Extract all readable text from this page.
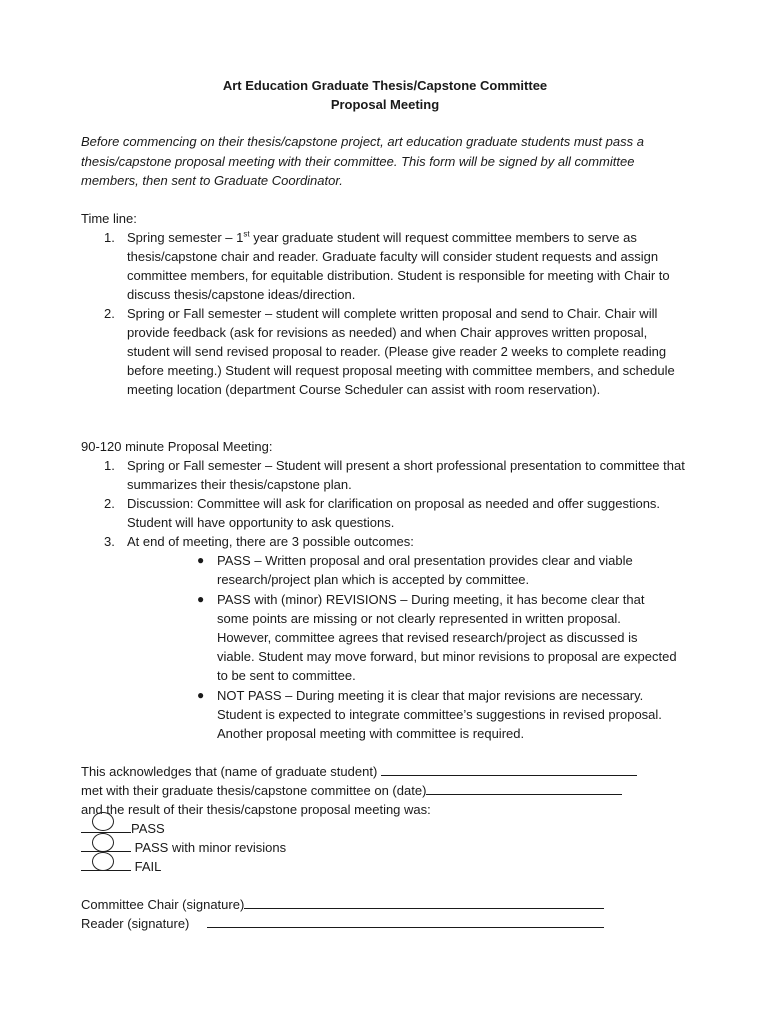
Art Education Graduate Thesis/Capstone Committee
Proposal Meeting
Before commencing on their thesis/capstone project, art education graduate students must pass a thesis/capstone proposal meeting with their committee. This form will be signed by all committee members, then sent to Graduate Coordinator.
Time line:
1. Spring semester – 1st year graduate student will request committee members to serve as thesis/capstone chair and reader. Graduate faculty will consider student requests and assign committee members, for equitable distribution. Student is responsible for meeting with Chair to discuss thesis/capstone ideas/direction.
2. Spring or Fall semester – student will complete written proposal and send to Chair. Chair will provide feedback (ask for revisions as needed) and when Chair approves written proposal, student will send revised proposal to reader. (Please give reader 2 weeks to complete reading before meeting.) Student will request proposal meeting with committee members, and schedule meeting location (department Course Scheduler can assist with room reservation).
90-120 minute Proposal Meeting:
1. Spring or Fall semester – Student will present a short professional presentation to committee that summarizes their thesis/capstone plan.
2. Discussion: Committee will ask for clarification on proposal as needed and offer suggestions. Student will have opportunity to ask questions.
3. At end of meeting, there are 3 possible outcomes:
● PASS – Written proposal and oral presentation provides clear and viable research/project plan which is accepted by committee.
● PASS with (minor) REVISIONS – During meeting, it has become clear that some points are missing or not clearly represented in written proposal. However, committee agrees that revised research/project as discussed is viable. Student may move forward, but minor revisions to proposal are expected to be sent to committee.
● NOT PASS – During meeting it is clear that major revisions are necessary. Student is expected to integrate committee’s suggestions in revised proposal. Another proposal meeting with committee is required.
This acknowledges that (name of graduate student)
met with their graduate thesis/capstone committee on (date)
and the result of their thesis/capstone proposal meeting was:
PASS
PASS with minor revisions
FAIL
Committee Chair (signature)
Reader (signature)
